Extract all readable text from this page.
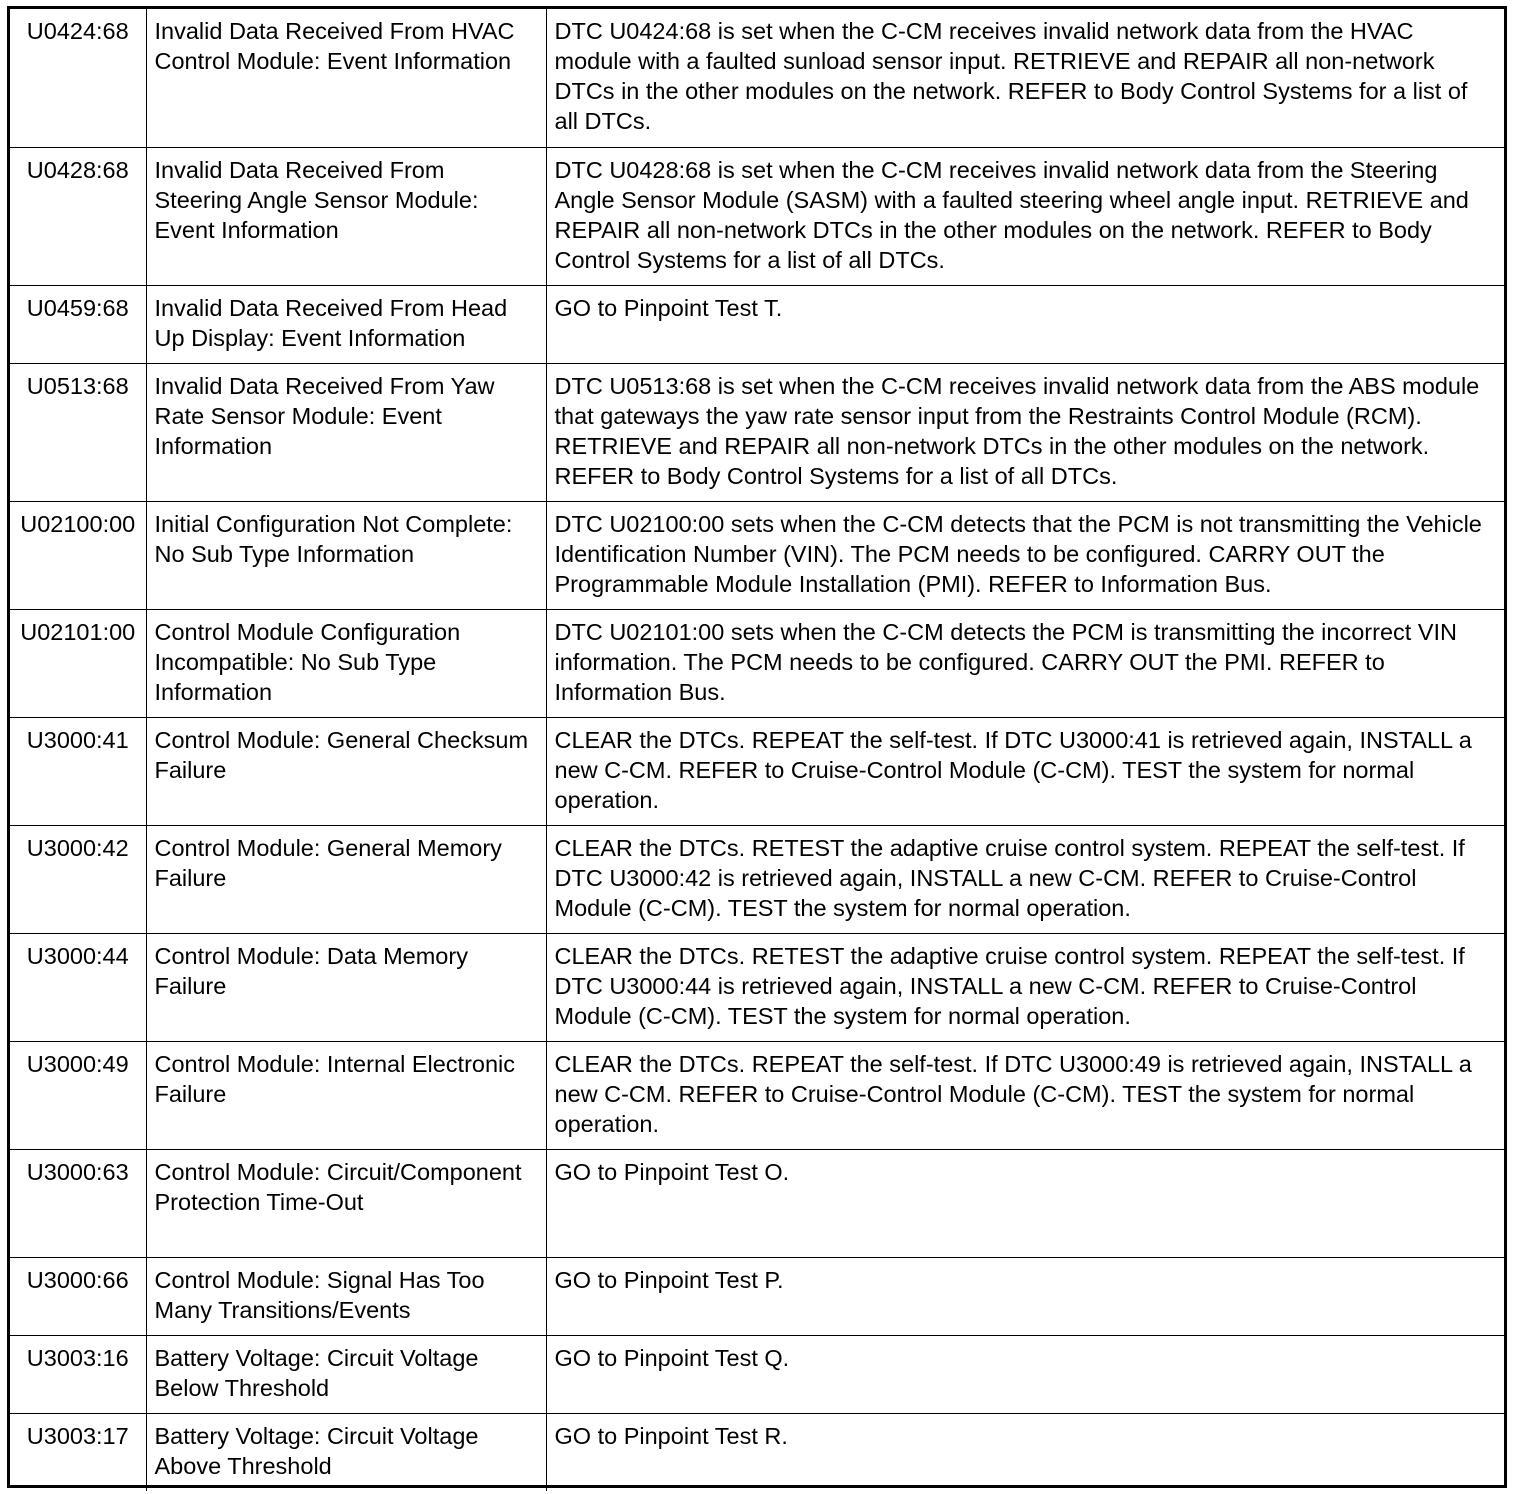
U0424:68	Invalid Data Received From HVAC Control Module: Event Information	DTC U0424:68 is set when the C-CM receives invalid network data from the HVAC module with a faulted sunload sensor input. RETRIEVE and REPAIR all non-network DTCs in the other modules on the network. REFER to Body Control Systems for a list of all DTCs.
U0428:68	Invalid Data Received From Steering Angle Sensor Module: Event Information	DTC U0428:68 is set when the C-CM receives invalid network data from the Steering Angle Sensor Module (SASM) with a faulted steering wheel angle input. RETRIEVE and REPAIR all non-network DTCs in the other modules on the network. REFER to Body Control Systems for a list of all DTCs.
U0459:68	Invalid Data Received From Head Up Display: Event Information	GO to Pinpoint Test T.
U0513:68	Invalid Data Received From Yaw Rate Sensor Module: Event Information	DTC U0513:68 is set when the C-CM receives invalid network data from the ABS module that gateways the yaw rate sensor input from the Restraints Control Module (RCM). RETRIEVE and REPAIR all non-network DTCs in the other modules on the network. REFER to Body Control Systems for a list of all DTCs.
U02100:00	Initial Configuration Not Complete: No Sub Type Information	DTC U02100:00 sets when the C-CM detects that the PCM is not transmitting the Vehicle Identification Number (VIN). The PCM needs to be configured. CARRY OUT the Programmable Module Installation (PMI). REFER to Information Bus.
U02101:00	Control Module Configuration Incompatible: No Sub Type Information	DTC U02101:00 sets when the C-CM detects the PCM is transmitting the incorrect VIN information. The PCM needs to be configured. CARRY OUT the PMI. REFER to Information Bus.
U3000:41	Control Module: General Checksum Failure	CLEAR the DTCs. REPEAT the self-test. If DTC U3000:41 is retrieved again, INSTALL a new C-CM. REFER to Cruise-Control Module (C-CM). TEST the system for normal operation.
U3000:42	Control Module: General Memory Failure	CLEAR the DTCs. RETEST the adaptive cruise control system. REPEAT the self-test. If DTC U3000:42 is retrieved again, INSTALL a new C-CM. REFER to Cruise-Control Module (C-CM). TEST the system for normal operation.
U3000:44	Control Module: Data Memory Failure	CLEAR the DTCs. RETEST the adaptive cruise control system. REPEAT the self-test. If DTC U3000:44 is retrieved again, INSTALL a new C-CM. REFER to Cruise-Control Module (C-CM). TEST the system for normal operation.
U3000:49	Control Module: Internal Electronic Failure	CLEAR the DTCs. REPEAT the self-test. If DTC U3000:49 is retrieved again, INSTALL a new C-CM. REFER to Cruise-Control Module (C-CM). TEST the system for normal operation.
U3000:63	Control Module: Circuit/Component Protection Time-Out	GO to Pinpoint Test O.
U3000:66	Control Module: Signal Has Too Many Transitions/Events	GO to Pinpoint Test P.
U3003:16	Battery Voltage: Circuit Voltage Below Threshold	GO to Pinpoint Test Q.
U3003:17	Battery Voltage: Circuit Voltage Above Threshold	GO to Pinpoint Test R.
